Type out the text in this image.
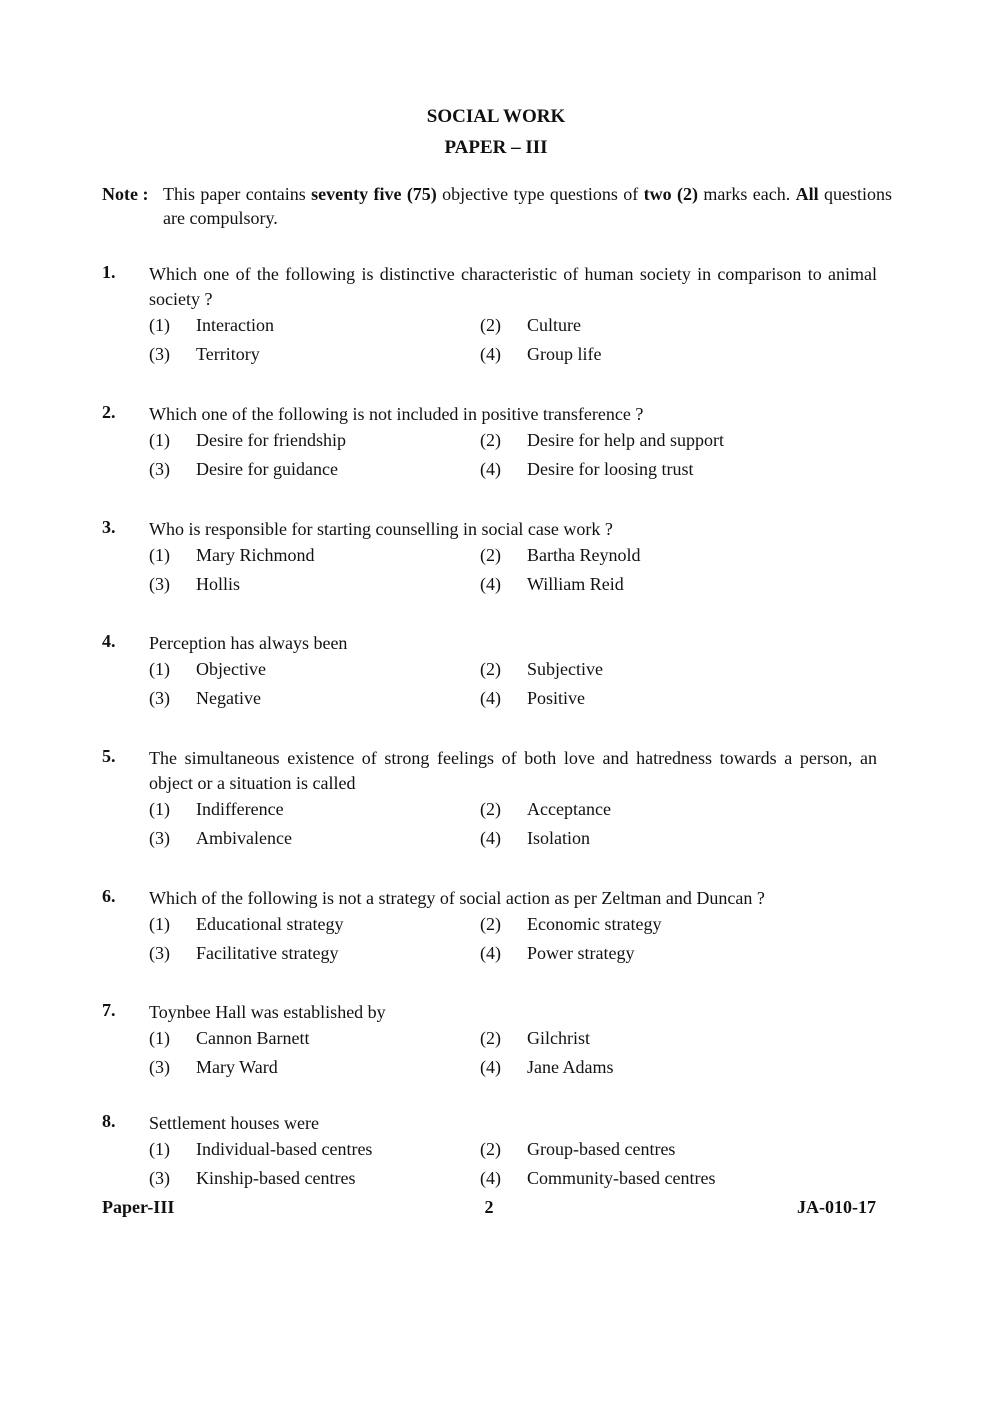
SOCIAL WORK
PAPER – III
Note : This paper contains seventy five (75) objective type questions of two (2) marks each. All questions are compulsory.
1. Which one of the following is distinctive characteristic of human society in comparison to animal society ?
(1) Interaction	(2) Culture
(3) Territory	(4) Group life
2. Which one of the following is not included in positive transference ?
(1) Desire for friendship	(2) Desire for help and support
(3) Desire for guidance	(4) Desire for loosing trust
3. Who is responsible for starting counselling in social case work ?
(1) Mary Richmond	(2) Bartha Reynold
(3) Hollis	(4) William Reid
4. Perception has always been
(1) Objective	(2) Subjective
(3) Negative	(4) Positive
5. The simultaneous existence of strong feelings of both love and hatredness towards a person, an object or a situation is called
(1) Indifference	(2) Acceptance
(3) Ambivalence	(4) Isolation
6. Which of the following is not a strategy of social action as per Zeltman and Duncan ?
(1) Educational strategy	(2) Economic strategy
(3) Facilitative strategy	(4) Power strategy
7. Toynbee Hall was established by
(1) Cannon Barnett	(2) Gilchrist
(3) Mary Ward	(4) Jane Adams
8. Settlement houses were
(1) Individual-based centres	(2) Group-based centres
(3) Kinship-based centres	(4) Community-based centres
Paper-III	2	JA-010-17
